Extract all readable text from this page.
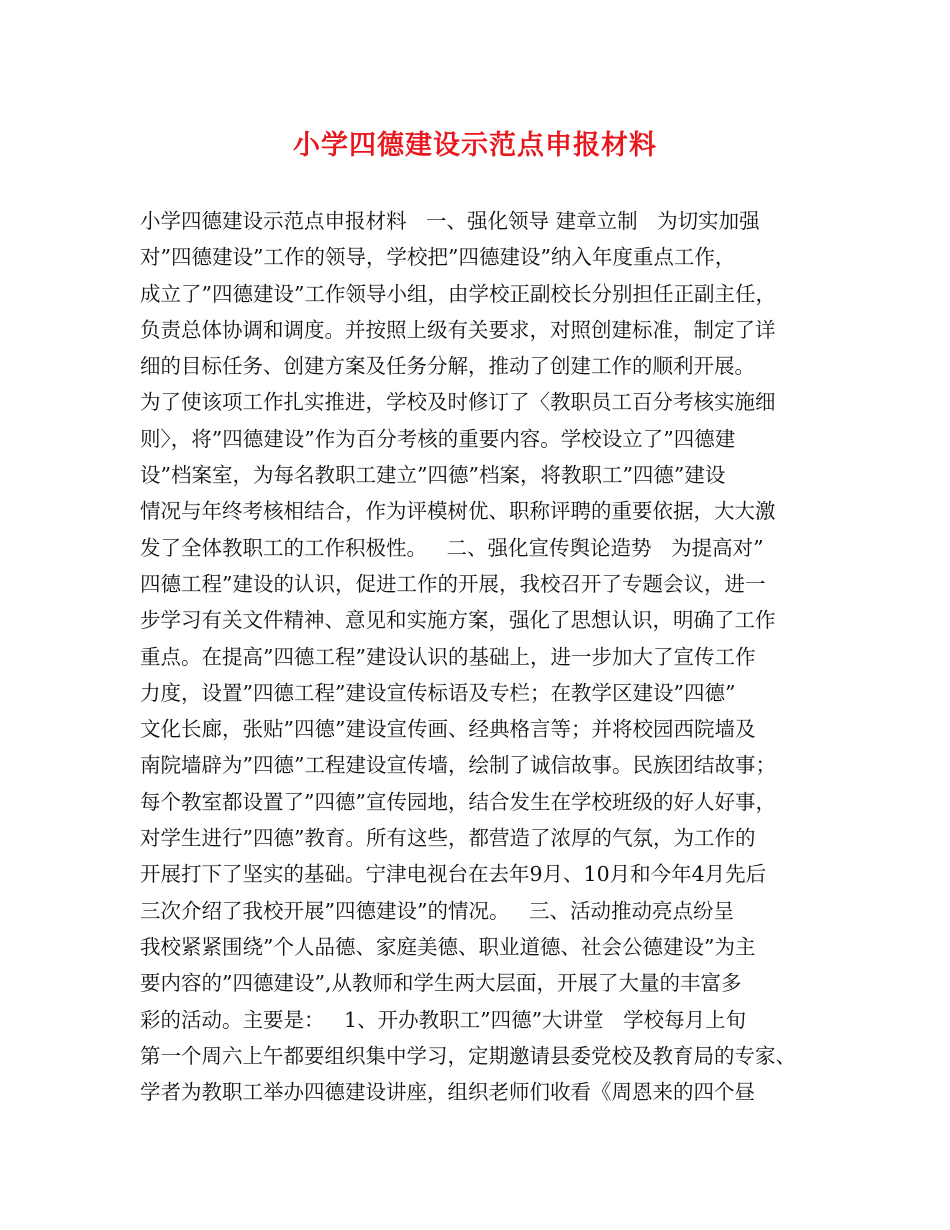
小学四德建设示范点申报材料
小学四德建设示范点申报材料   一、强化领导 建章立制   为切实加强
对”四德建设”工作的领导，学校把”四德建设”纳入年度重点工作，
成立了”四德建设”工作领导小组，由学校正副校长分别担任正副主任，
负责总体协调和调度。并按照上级有关要求，对照创建标准，制定了详
细的目标任务、创建方案及任务分解，推动了创建工作的顺利开展。
为了使该项工作扎实推进，学校及时修订了〈教职员工百分考核实施细
则〉，将”四德建设”作为百分考核的重要内容。学校设立了”四德建
设”档案室，为每名教职工建立”四德”档案，将教职工”四德”建设
情况与年终考核相结合，作为评模树优、职称评聘的重要依据，大大激
发了全体教职工的工作积极性。   二、强化宣传舆论造势   为提高对”
四德工程”建设的认识，促进工作的开展，我校召开了专题会议，进一
步学习有关文件精神、意见和实施方案，强化了思想认识，明确了工作
重点。在提高”四德工程”建设认识的基础上，进一步加大了宣传工作
力度，设置”四德工程”建设宣传标语及专栏；在教学区建设”四德”
文化长廊，张贴”四德”建设宣传画、经典格言等；并将校园西院墙及
南院墙辟为”四德”工程建设宣传墙，绘制了诚信故事。民族团结故事；
每个教室都设置了”四德”宣传园地，结合发生在学校班级的好人好事，
对学生进行”四德”教育。所有这些，都营造了浓厚的气氛，为工作的
开展打下了坚实的基础。宁津电视台在去年9月、10月和今年4月先后
三次介绍了我校开展”四德建设”的情况。   三、活动推动亮点纷呈
我校紧紧围绕”个人品德、家庭美德、职业道德、社会公德建设”为主
要内容的”四德建设”,从教师和学生两大层面，开展了大量的丰富多
彩的活动。主要是：   1、开办教职工”四德”大讲堂   学校每月上旬
第一个周六上午都要组织集中学习，定期邀请县委党校及教育局的专家、
学者为教职工举办四德建设讲座，组织老师们收看《周恩来的四个昼
